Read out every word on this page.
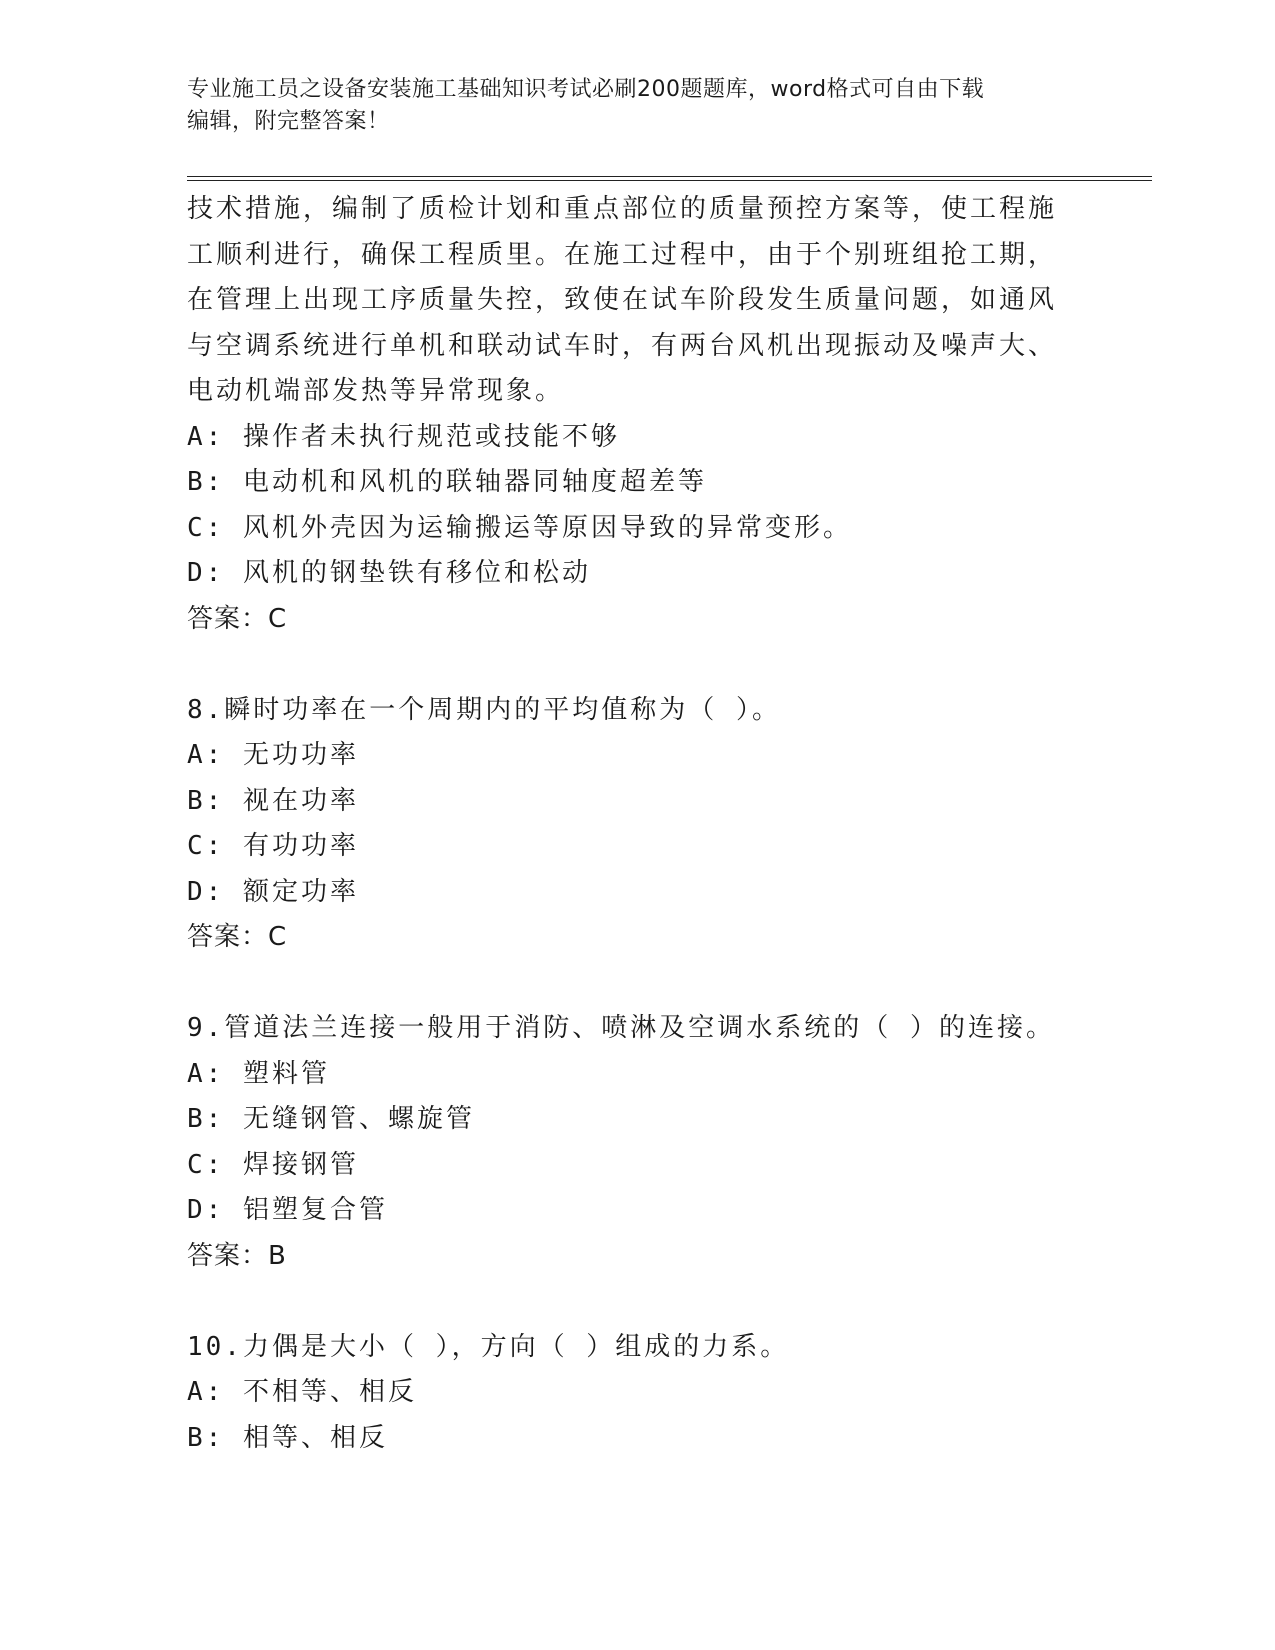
专业施工员之设备安装施工基础知识考试必刷200题题库，word格式可自由下载
编辑，附完整答案！
技术措施，编制了质检计划和重点部位的质量预控方案等，使工程施
工顺利进行，确保工程质里。在施工过程中，由于个别班组抢工期，
在管理上出现工序质量失控，致使在试车阶段发生质量问题，如通风
与空调系统进行单机和联动试车时，有两台风机出现振动及噪声大、
电动机端部发热等异常现象。
A: 操作者未执行规范或技能不够
B: 电动机和风机的联轴器同轴度超差等
C: 风机外壳因为运输搬运等原因导致的异常变形。
D: 风机的钢垫铁有移位和松动
答案：C
8.瞬时功率在一个周期内的平均值称为（ ）。
A: 无功功率
B: 视在功率
C: 有功功率
D: 额定功率
答案：C
9.管道法兰连接一般用于消防、喷淋及空调水系统的（ ）的连接。
A: 塑料管
B: 无缝钢管、螺旋管
C: 焊接钢管
D: 铝塑复合管
答案：B
10.力偶是大小（ ），方向（ ）组成的力系。
A: 不相等、相反
B: 相等、相反
